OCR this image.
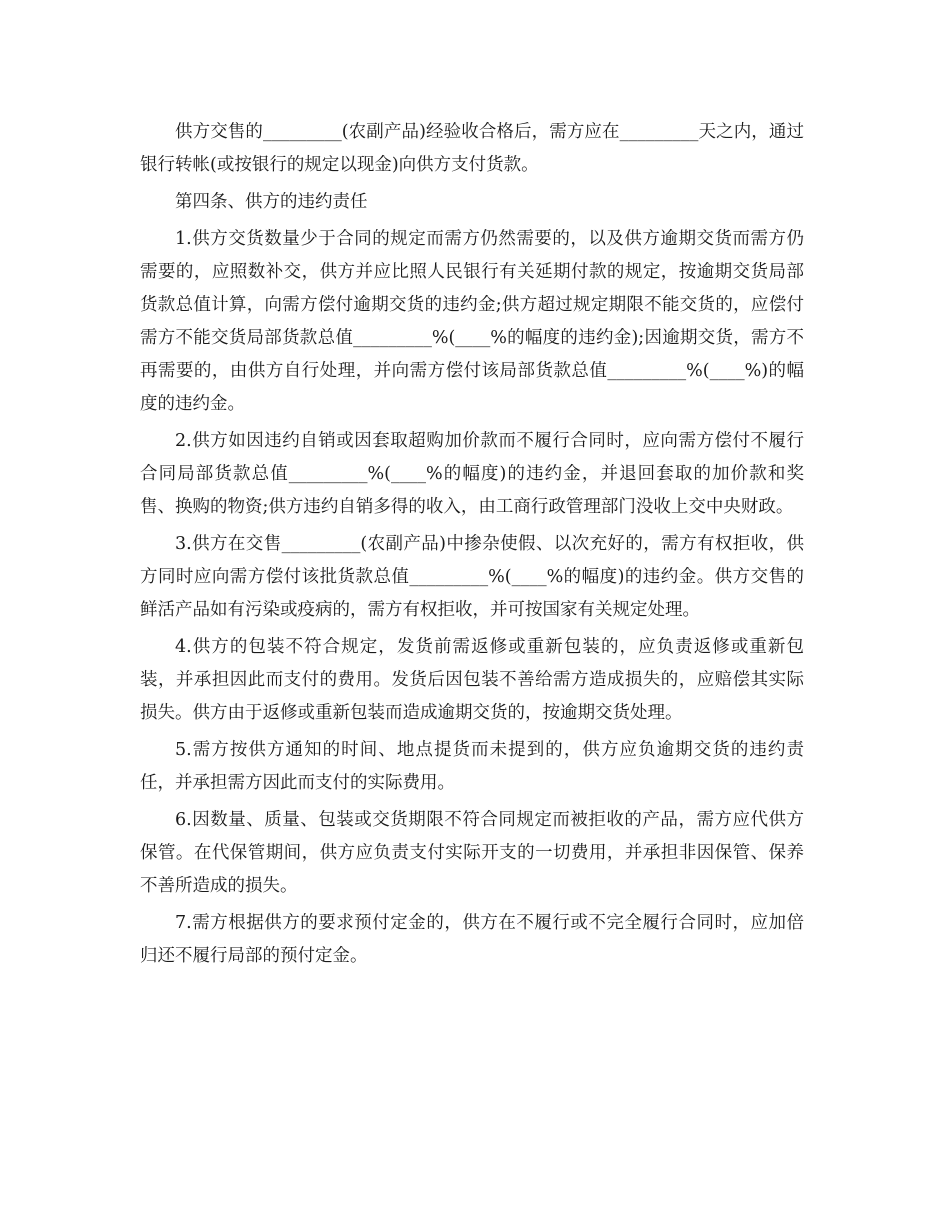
供方交售的_________(农副产品)经验收合格后，需方应在_________天之内，通过银行转帐(或按银行的规定以现金)向供方支付货款。

第四条、供方的违约责任

1.供方交货数量少于合同的规定而需方仍然需要的，以及供方逾期交货而需方仍需要的，应照数补交，供方并应比照人民银行有关延期付款的规定，按逾期交货局部货款总值计算，向需方偿付逾期交货的违约金;供方超过规定期限不能交货的，应偿付需方不能交货局部货款总值_________%(____%的幅度的违约金);因逾期交货，需方不再需要的，由供方自行处理，并向需方偿付该局部货款总值_________%(____%)的幅度的违约金。

2.供方如因违约自销或因套取超购加价款而不履行合同时，应向需方偿付不履行合同局部货款总值_________%(____%的幅度)的违约金，并退回套取的加价款和奖售、换购的物资;供方违约自销多得的收入，由工商行政管理部门没收上交中央财政。

3.供方在交售_________(农副产品)中掺杂使假、以次充好的，需方有权拒收，供方同时应向需方偿付该批货款总值_________%(____%的幅度)的违约金。供方交售的鲜活产品如有污染或疫病的，需方有权拒收，并可按国家有关规定处理。

4.供方的包装不符合规定，发货前需返修或重新包装的，应负责返修或重新包装，并承担因此而支付的费用。发货后因包装不善给需方造成损失的，应赔偿其实际损失。供方由于返修或重新包装而造成逾期交货的，按逾期交货处理。

5.需方按供方通知的时间、地点提货而未提到的，供方应负逾期交货的违约责任，并承担需方因此而支付的实际费用。

6.因数量、质量、包装或交货期限不符合同规定而被拒收的产品，需方应代供方保管。在代保管期间，供方应负责支付实际开支的一切费用，并承担非因保管、保养不善所造成的损失。

7.需方根据供方的要求预付定金的，供方在不履行或不完全履行合同时，应加倍归还不履行局部的预付定金。
